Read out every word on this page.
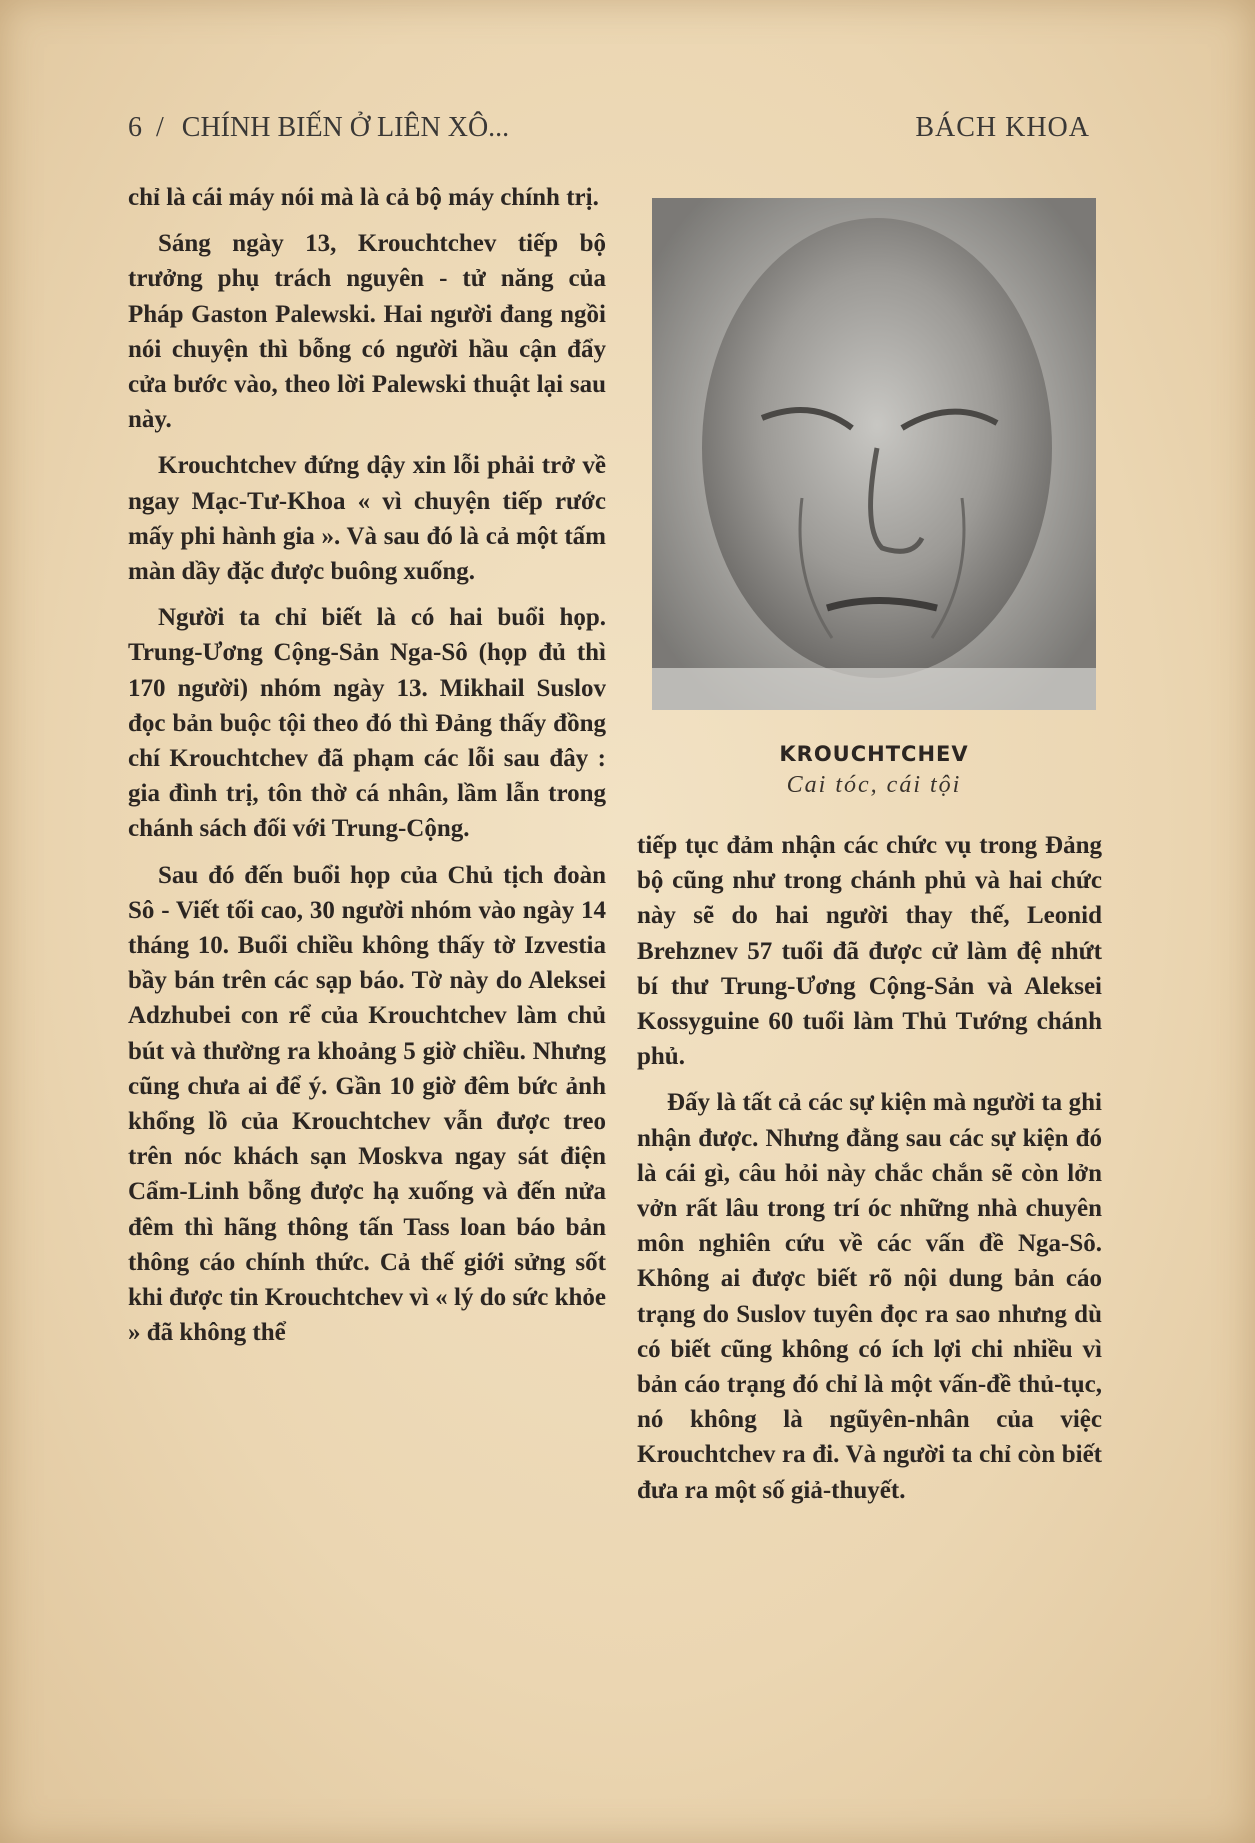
6 / CHÍNH BIẾN Ở LIÊN XÔ...	BÁCH KHOA

chỉ là cái máy nói mà là cả bộ máy chính trị.

Sáng ngày 13, Krouchtchev tiếp bộ trưởng phụ trách nguyên - tử năng của Pháp Gaston Palewski. Hai người đang ngồi nói chuyện thì bỗng có người hầu cận đẩy cửa bước vào, theo lời Palewski thuật lại sau này.

Krouchtchev đứng dậy xin lỗi phải trở về ngay Mạc-Tư-Khoa « vì chuyện tiếp rước mấy phi hành gia ». Và sau đó là cả một tấm màn dầy đặc được buông xuống.

Người ta chỉ biết là có hai buổi họp. Trung-Ương Cộng-Sản Nga-Sô (họp đủ thì 170 người) nhóm ngày 13. Mikhail Suslov đọc bản buộc tội theo đó thì Đảng thấy đồng chí Krouchtchev đã phạm các lỗi sau đây : gia đình trị, tôn thờ cá nhân, lầm lẫn trong chánh sách đối với Trung-Cộng.

Sau đó đến buổi họp của Chủ tịch đoàn Sô - Viết tối cao, 30 người nhóm vào ngày 14 tháng 10. Buổi chiều không thấy tờ Izvestia bầy bán trên các sạp báo. Tờ này do Aleksei Adzhubei con rể của Krouchtchev làm chủ bút và thường ra khoảng 5 giờ chiều. Nhưng cũng chưa ai để ý. Gần 10 giờ đêm bức ảnh khổng lồ của Krouchtchev vẫn được treo trên nóc khách sạn Moskva ngay sát điện Cẩm-Linh bỗng được hạ xuống và đến nửa đêm thì hãng thông tấn Tass loan báo bản thông cáo chính thức. Cả thế giới sửng sốt khi được tin Krouchtchev vì « lý do sức khỏe » đã không thể

KROUCHTCHEV
Cai tóc, cái tội

tiếp tục đảm nhận các chức vụ trong Đảng bộ cũng như trong chánh phủ và hai chức này sẽ do hai người thay thế, Leonid Brehznev 57 tuổi đã được cử làm đệ nhứt bí thư Trung-Ương Cộng-Sản và Aleksei Kossyguine 60 tuổi làm Thủ Tướng chánh phủ.

Đấy là tất cả các sự kiện mà người ta ghi nhận được. Nhưng đằng sau các sự kiện đó là cái gì, câu hỏi này chắc chắn sẽ còn lởn vởn rất lâu trong trí óc những nhà chuyên môn nghiên cứu về các vấn đề Nga-Sô. Không ai được biết rõ nội dung bản cáo trạng do Suslov tuyên đọc ra sao nhưng dù có biết cũng không có ích lợi chi nhiều vì bản cáo trạng đó chỉ là một vấn-đề thủ-tục, nó không là ngũyên-nhân của việc Krouchtchev ra đi. Và người ta chỉ còn biết đưa ra một số giả-thuyết.
